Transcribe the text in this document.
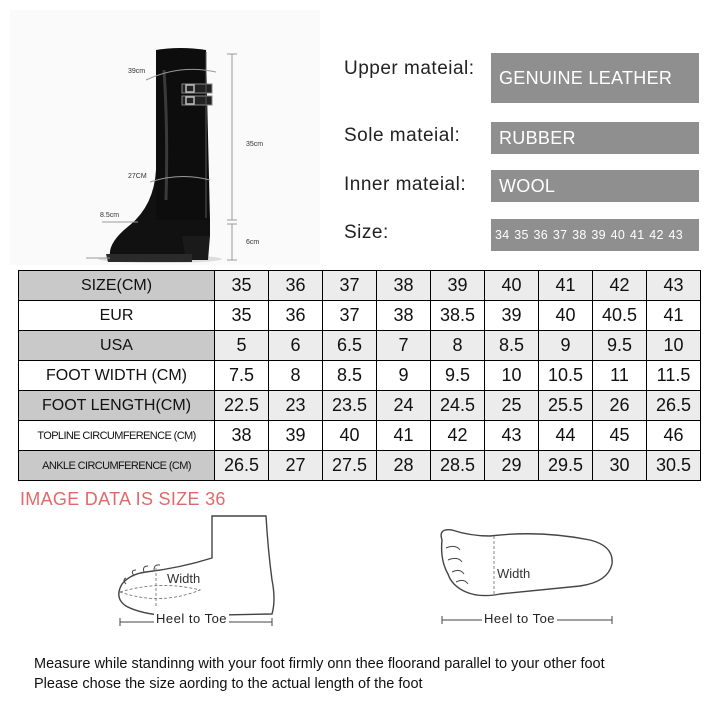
39cm
35cm
27CM
8.5cm
6cm
Upper mateial:	GENUINE LEATHER
Sole mateial:	RUBBER
Inner mateial:	WOOL
Size:	34 35 36 37 38 39 40 41 42 43
SIZE(CM)	35	36	37	38	39	40	41	42	43
EUR	35	36	37	38	38.5	39	40	40.5	41
USA	5	6	6.5	7	8	8.5	9	9.5	10
FOOT WIDTH (CM)	7.5	8	8.5	9	9.5	10	10.5	11	11.5
FOOT LENGTH(CM)	22.5	23	23.5	24	24.5	25	25.5	26	26.5
TOPLINE CIRCUMFERENCE (CM)	38	39	40	41	42	43	44	45	46
ANKLE CIRCUMFERENCE (CM)	26.5	27	27.5	28	28.5	29	29.5	30	30.5
IMAGE DATA IS SIZE 36
Width
Heel to Toe
Width
Heel to Toe
Measure while standinng with your foot firmly onn thee floorand parallel to your other foot
Please chose the size aording to the actual length of the foot
